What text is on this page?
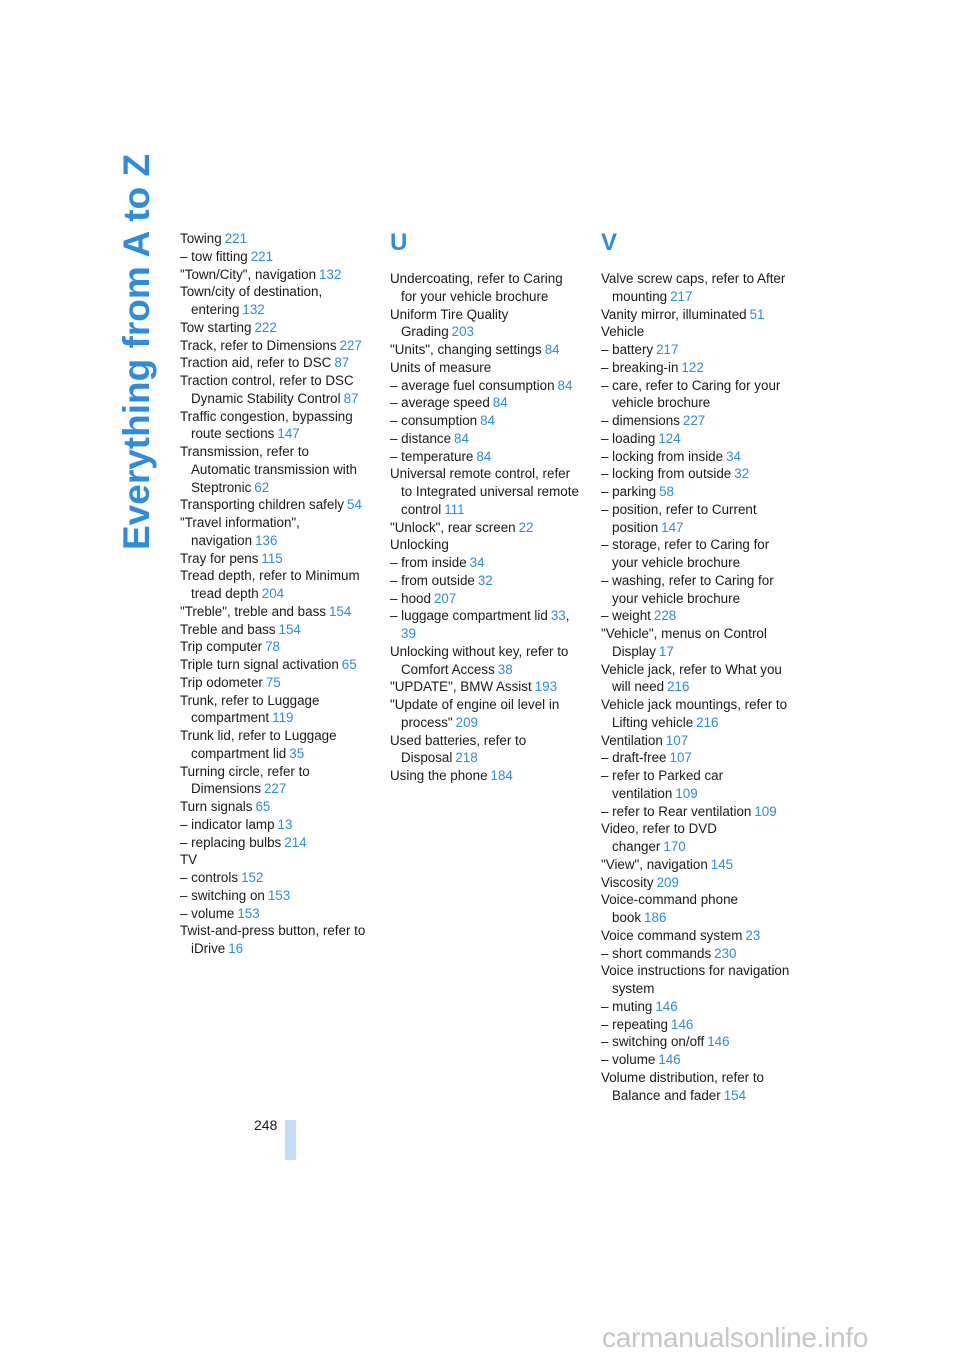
Everything from A to Z Towing 221
– tow fitting 221
"Town/City", navigation 132
Town/city of destination, entering 132
Tow starting 222
Track, refer to Dimensions 227
Traction aid, refer to DSC 87
Traction control, refer to DSC Dynamic Stability Control 87
Traffic congestion, bypassing route sections 147
Transmission, refer to Automatic transmission with Steptronic 62
Transporting children safely 54
"Travel information", navigation 136
Tray for pens 115
Tread depth, refer to Minimum tread depth 204
"Treble", treble and bass 154
Treble and bass 154
Trip computer 78
Triple turn signal activation 65
Trip odometer 75
Trunk, refer to Luggage compartment 119
Trunk lid, refer to Luggage compartment lid 35
Turning circle, refer to Dimensions 227
Turn signals 65
– indicator lamp 13
– replacing bulbs 214
TV
– controls 152
– switching on 153
– volume 153
Twist-and-press button, refer to iDrive 16
U
Undercoating, refer to Caring for your vehicle brochure
Uniform Tire Quality Grading 203
"Units", changing settings 84
Units of measure
– average fuel consumption 84
– average speed 84
– consumption 84
– distance 84
– temperature 84
Universal remote control, refer to Integrated universal remote control 111
"Unlock", rear screen 22
Unlocking
– from inside 34
– from outside 32
– hood 207
– luggage compartment lid 33, 39
Unlocking without key, refer to Comfort Access 38
"UPDATE", BMW Assist 193
"Update of engine oil level in process" 209
Used batteries, refer to Disposal 218
Using the phone 184
V
Valve screw caps, refer to After mounting 217
Vanity mirror, illuminated 51
Vehicle
– battery 217
– breaking-in 122
– care, refer to Caring for your vehicle brochure
– dimensions 227
– loading 124
– locking from inside 34
– locking from outside 32
– parking 58
– position, refer to Current position 147
– storage, refer to Caring for your vehicle brochure
– washing, refer to Caring for your vehicle brochure
– weight 228
"Vehicle", menus on Control Display 17
Vehicle jack, refer to What you will need 216
Vehicle jack mountings, refer to Lifting vehicle 216
Ventilation 107
– draft-free 107
– refer to Parked car ventilation 109
– refer to Rear ventilation 109
Video, refer to DVD changer 170
"View", navigation 145
Viscosity 209
Voice-command phone book 186
Voice command system 23
– short commands 230
Voice instructions for navigation system
– muting 146
– repeating 146
– switching on/off 146
– volume 146
Volume distribution, refer to Balance and fader 154
248
carmanualsonline.info
